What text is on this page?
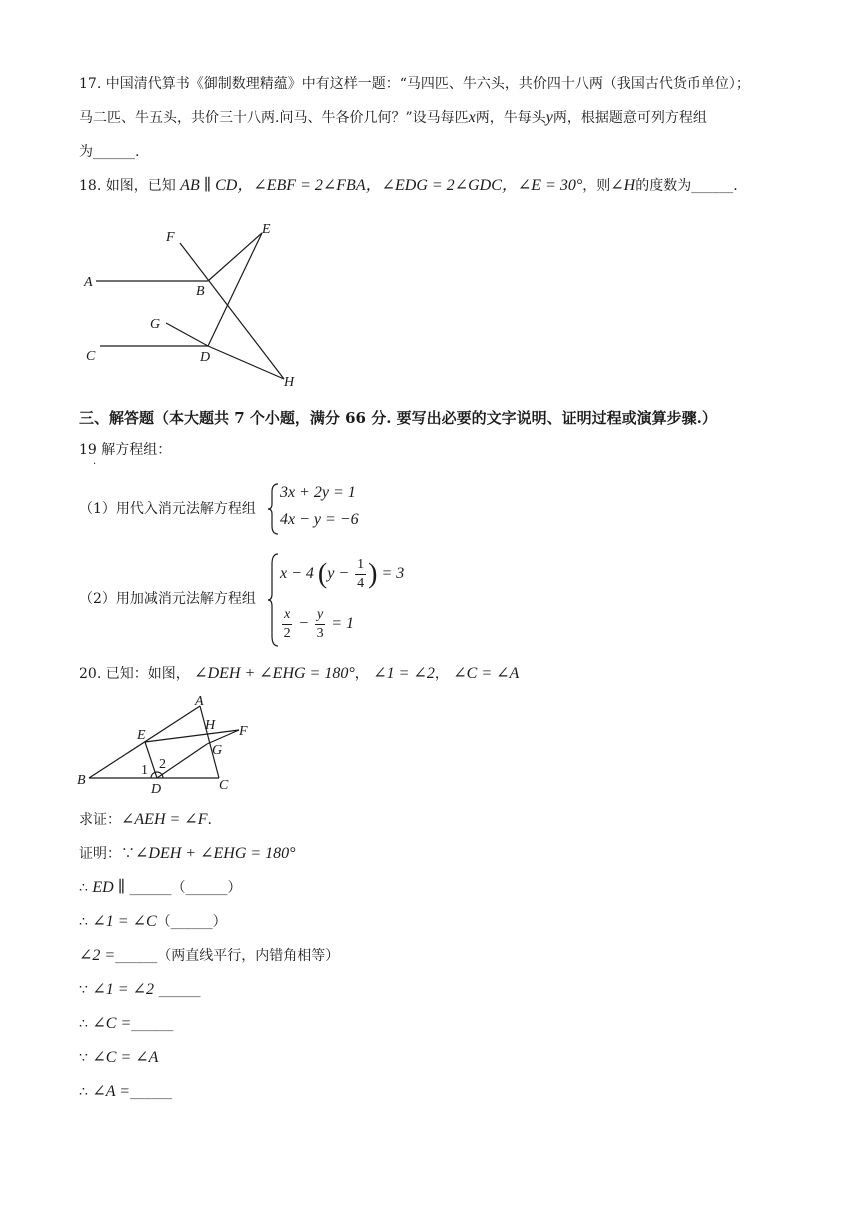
17. 中国清代算书《御制数理精蕴》中有这样一题：“马四匹、牛六头，共价四十八两（我国古代货币单位）；
马二匹、牛五头，共价三十八两.问马、牛各价几何？”设马每匹x两，牛每头y两，根据题意可列方程组
为______.
18. 如图，已知 AB ∥ CD，∠EBF = 2∠FBA，∠EDG = 2∠GDC，∠E = 30°，则∠H的度数为______.
F
E
A
B
G
C	D
H
三、解答题（本大题共 7 个小题，满分 66 分. 要写出必要的文字说明、证明过程或演算步骤.）
19 解方程组：
.
（1）用代入消元法解方程组
3x + 2y = 1
4x − y = −6
（2）用加减消元法解方程组
x − 4 ($y - \frac{1}{4}$ ) = 3
$\frac{x}{2} - \frac{y}{3} = 1$
20. 已知：如图， ∠DEH + ∠EHG = 180°， ∠1 = ∠2， ∠C = ∠A
A
E
H F
G
B
1 2
D	C
求证：∠AEH = ∠F.
证明：∵∠DEH + ∠EHG = 180°
∴ ED ∥ ______（______）
∴ ∠1 = ∠C（______）
∠2 =______（两直线平行，内错角相等）
∵ ∠1 = ∠2 ______
∴ ∠C =______
∵ ∠C = ∠A
∴ ∠A =______
